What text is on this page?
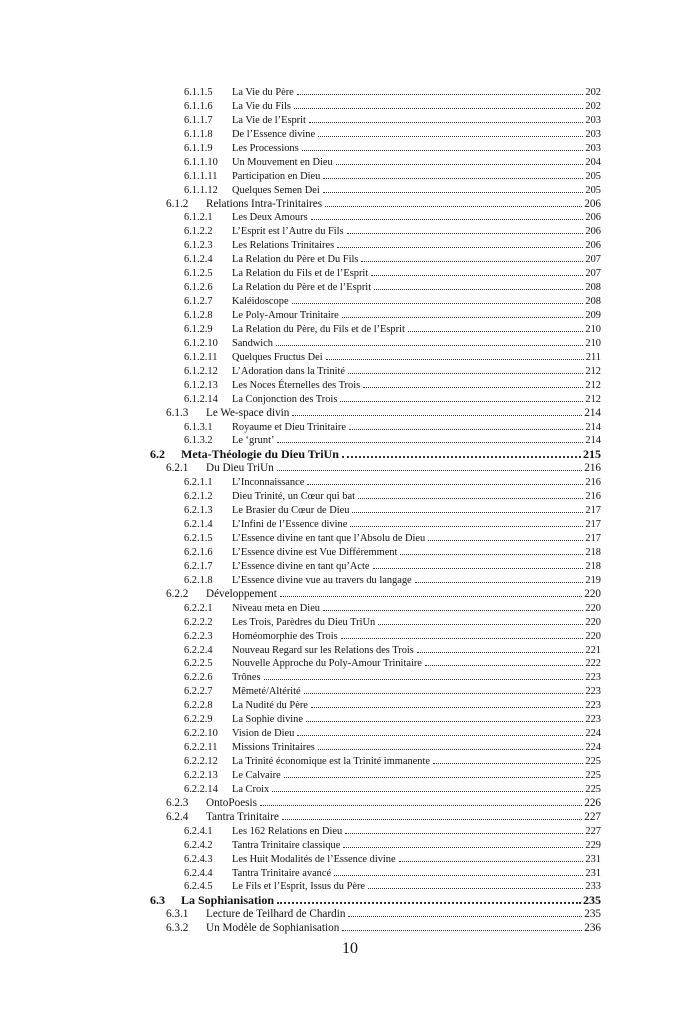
6.1.1.5	La Vie du Père	202
6.1.1.6	La Vie du Fils	202
6.1.1.7	La Vie de l’Esprit	203
6.1.1.8	De l’Essence divine	203
6.1.1.9	Les Processions	203
6.1.1.10	Un Mouvement en Dieu	204
6.1.1.11	Participation en Dieu	205
6.1.1.12	Quelques Semen Dei	205
6.1.2	Relations Intra-Trinitaires	206
6.1.2.1	Les Deux Amours	206
6.1.2.2	L’Esprit est l’Autre du Fils	206
6.1.2.3	Les Relations Trinitaires	206
6.1.2.4	La Relation du Père et Du Fils	207
6.1.2.5	La Relation du Fils et de l’Esprit	207
6.1.2.6	La Relation du Père et de l’Esprit	208
6.1.2.7	Kaléidoscope	208
6.1.2.8	Le Poly-Amour Trinitaire	209
6.1.2.9	La Relation du Père, du Fils et de l’Esprit	210
6.1.2.10	Sandwich	210
6.1.2.11	Quelques Fructus Dei	211
6.1.2.12	L’Adoration dans la Trinité	212
6.1.2.13	Les Noces Éternelles des Trois	212
6.1.2.14	La Conjonction des Trois	212
6.1.3	Le We-space divin	214
6.1.3.1	Royaume et Dieu Trinitaire	214
6.1.3.2	Le ‘grunt’	214
6.2	Meta-Théologie du Dieu TriUn	215
6.2.1	Du Dieu TriUn	216
6.2.1.1	L’Inconnaissance	216
6.2.1.2	Dieu Trinité, un Cœur qui bat	216
6.2.1.3	Le Brasier du Cœur de Dieu	217
6.2.1.4	L’Infini de l’Essence divine	217
6.2.1.5	L’Essence divine en tant que l’Absolu de Dieu	217
6.2.1.6	L’Essence divine est Vue Différemment	218
6.2.1.7	L’Essence divine en tant qu’Acte	218
6.2.1.8	L’Essence divine vue au travers du langage	219
6.2.2	Développement	220
6.2.2.1	Niveau meta en Dieu	220
6.2.2.2	Les Trois, Parèdres du Dieu TriUn	220
6.2.2.3	Homéomorphie des Trois	220
6.2.2.4	Nouveau Regard sur les Relations des Trois	221
6.2.2.5	Nouvelle Approche du Poly-Amour Trinitaire	222
6.2.2.6	Trônes	223
6.2.2.7	Mêmeté/Altérité	223
6.2.2.8	La Nudité du Père	223
6.2.2.9	La Sophie divine	223
6.2.2.10	Vision de Dieu	224
6.2.2.11	Missions Trinitaires	224
6.2.2.12	La Trinité économique est la Trinité immanente	225
6.2.2.13	Le Calvaire	225
6.2.2.14	La Croix	225
6.2.3	OntoPoesis	226
6.2.4	Tantra Trinitaire	227
6.2.4.1	Les 162 Relations en Dieu	227
6.2.4.2	Tantra Trinitaire classique	229
6.2.4.3	Les Huit Modalités de l’Essence divine	231
6.2.4.4	Tantra Trinitaire avancé	231
6.2.4.5	Le Fils et l’Esprit, Issus du Père	233
6.3	La Sophianisation	235
6.3.1	Lecture de Teilhard de Chardin	235
6.3.2	Un Modèle de Sophianisation	236
10
